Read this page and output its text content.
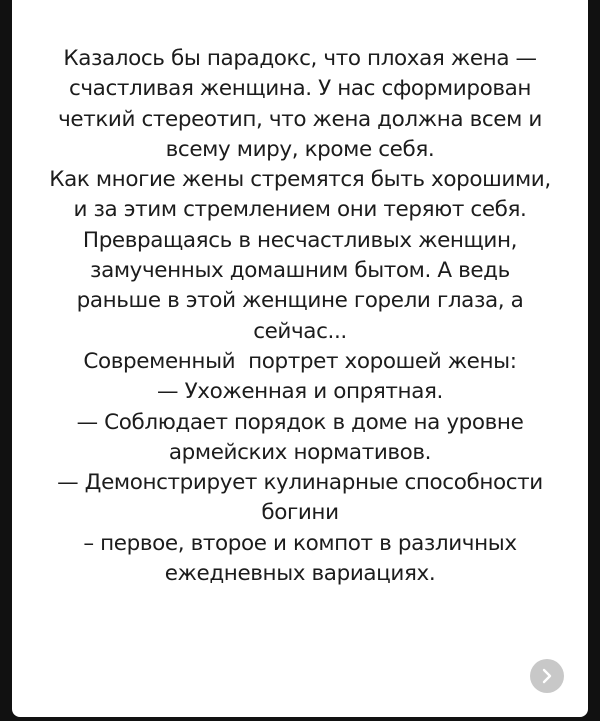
Казалось бы парадокс, что плохая жена —
счастливая женщина. У нас сформирован
четкий стереотип, что жена должна всем и
всему миру, кроме себя.
Как многие жены стремятся быть хорошими,
и за этим стремлением они теряют себя.
Превращаясь в несчастливых женщин,
замученных домашним бытом. А ведь
раньше в этой женщине горели глаза, а
сейчас...
Современный  портрет хорошей жены:
— Ухоженная и опрятная.
— Соблюдает порядок в доме на уровне
армейских нормативов.
— Демонстрирует кулинарные способности
богини
– первое, второе и компот в различных
ежедневных вариациях.
